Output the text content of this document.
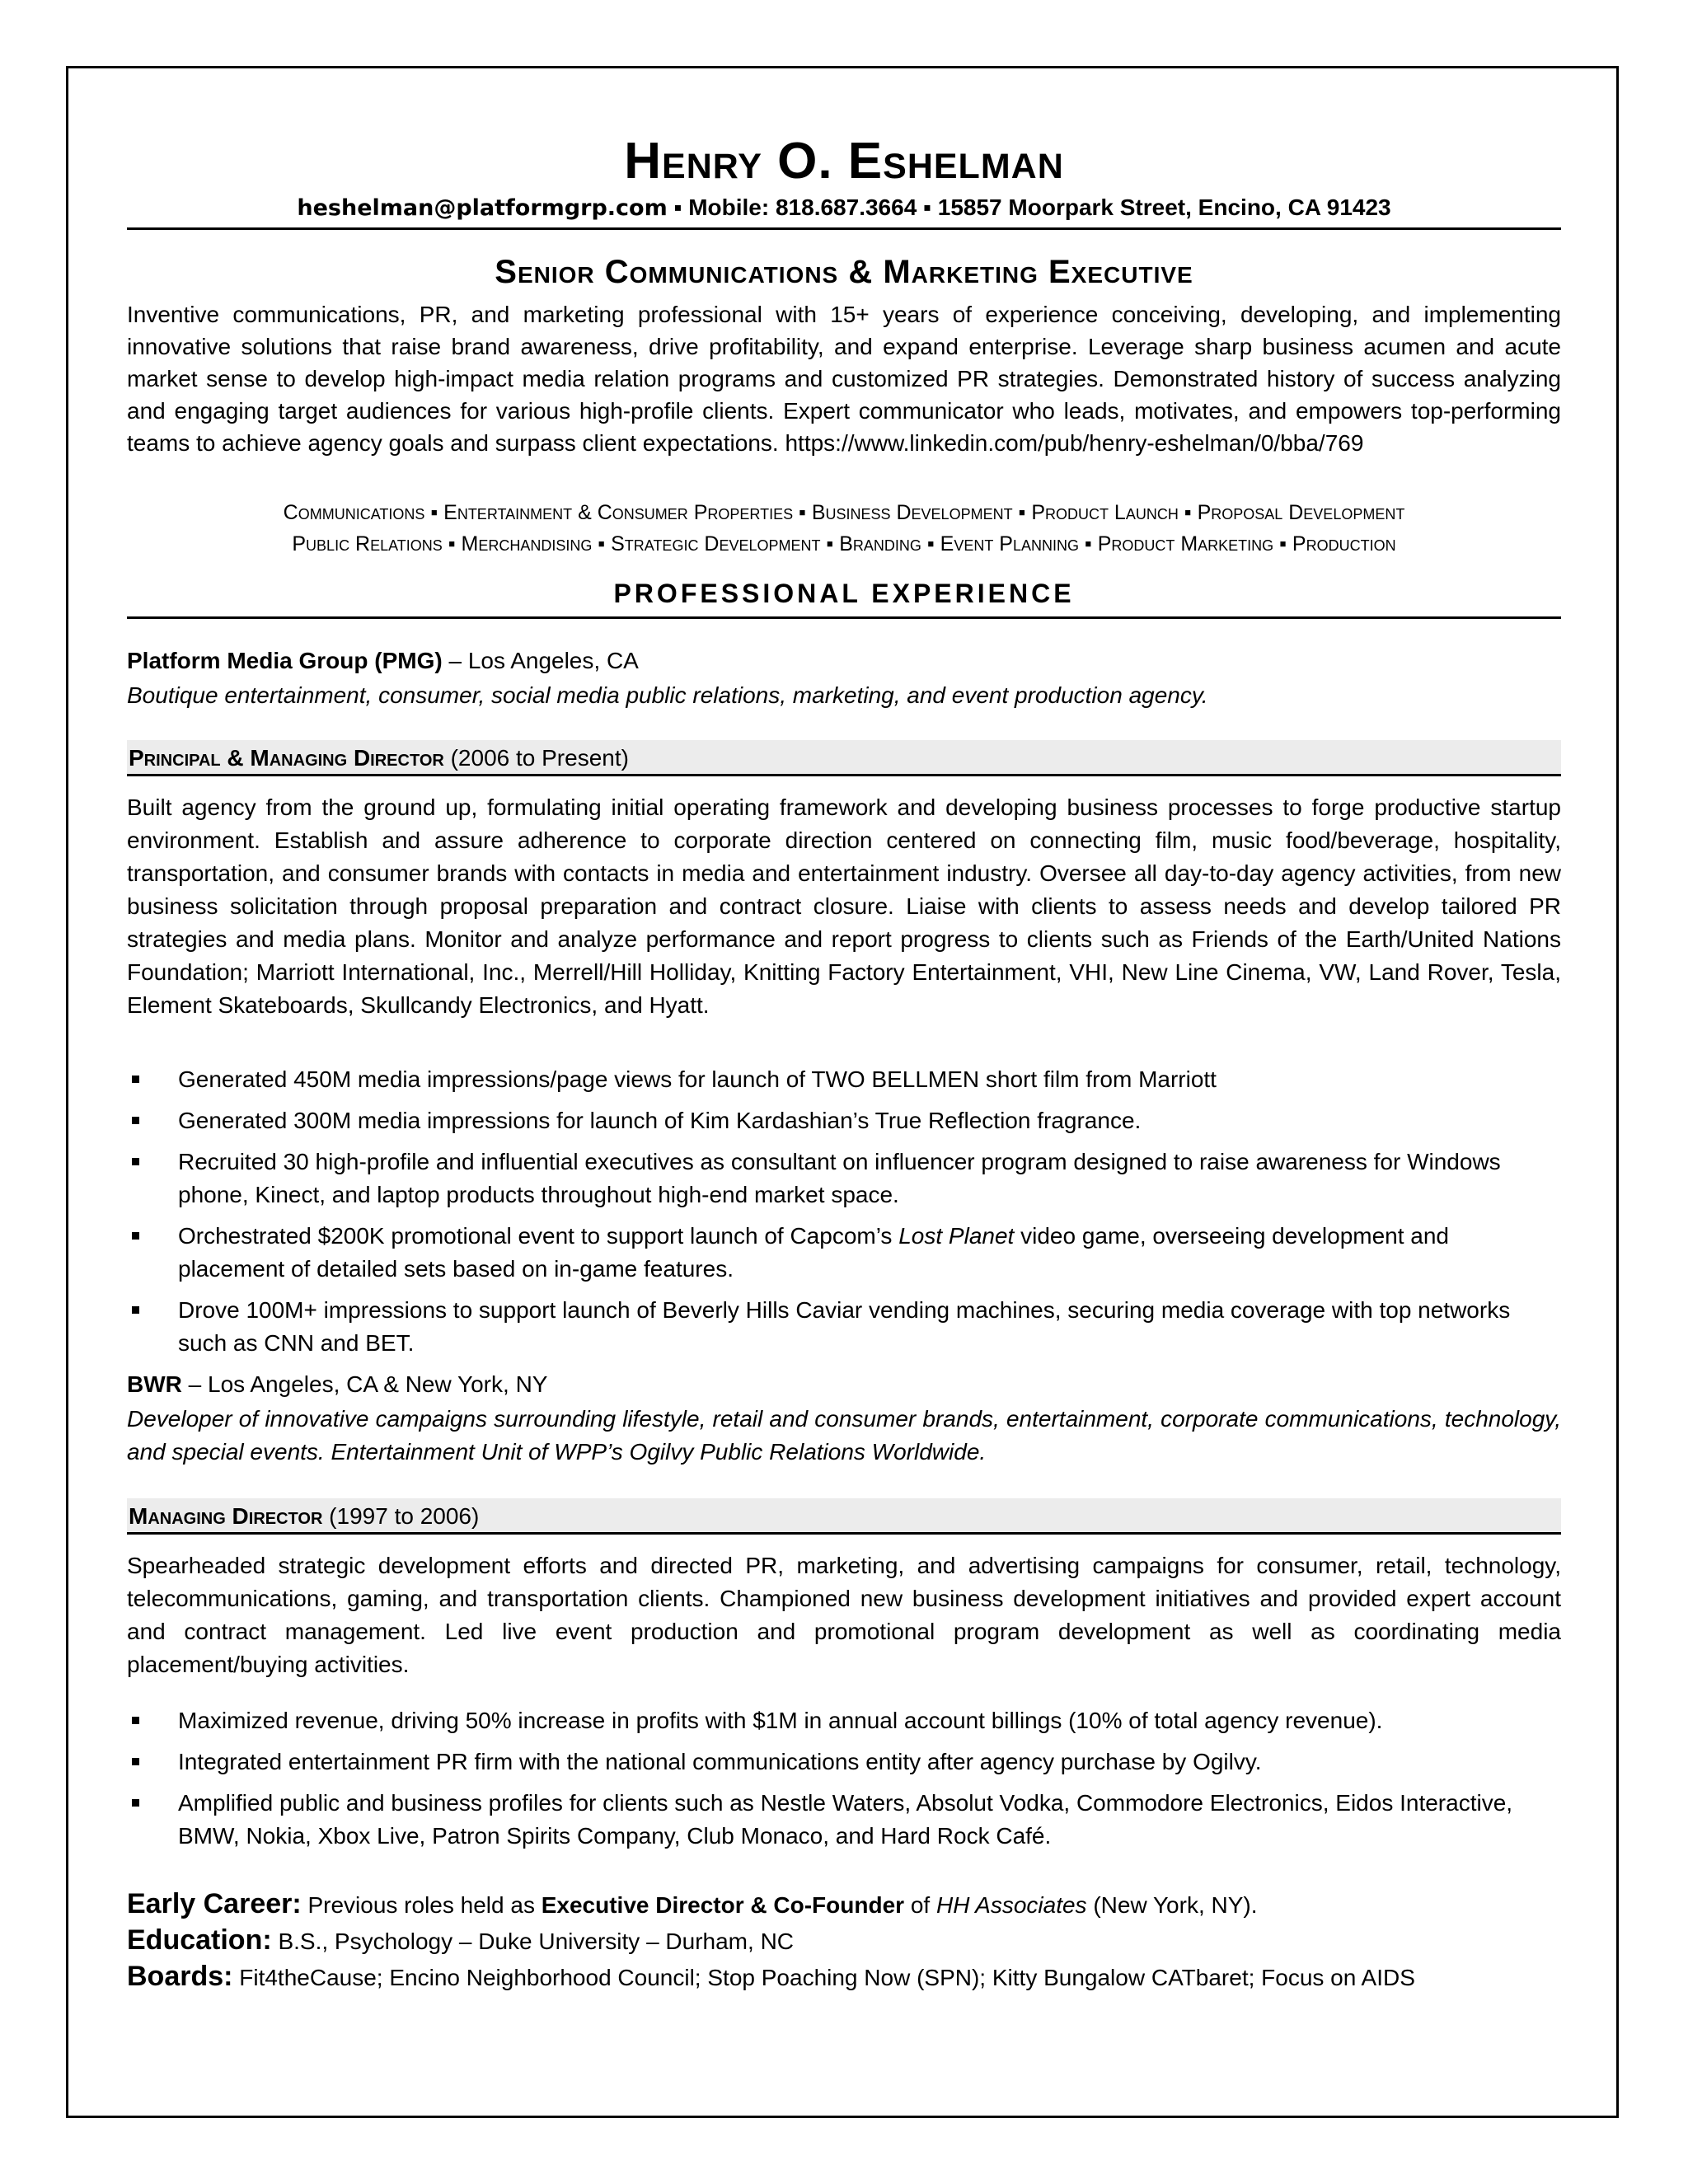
Henry O. Eshelman
heshelman@platformgrp.com ▪ Mobile: 818.687.3664 ▪ 15857 Moorpark Street, Encino, CA 91423
Senior Communications & Marketing Executive
Inventive communications, PR, and marketing professional with 15+ years of experience conceiving, developing, and implementing innovative solutions that raise brand awareness, drive profitability, and expand enterprise. Leverage sharp business acumen and acute market sense to develop high-impact media relation programs and customized PR strategies. Demonstrated history of success analyzing and engaging target audiences for various high-profile clients. Expert communicator who leads, motivates, and empowers top-performing teams to achieve agency goals and surpass client expectations. https://www.linkedin.com/pub/henry-eshelman/0/bba/769
Communications ▪ Entertainment & Consumer Properties ▪ Business Development ▪ Product Launch ▪ Proposal Development
Public Relations ▪ Merchandising ▪ Strategic Development ▪ Branding ▪ Event Planning ▪ Product Marketing ▪ Production
PROFESSIONAL EXPERIENCE
Platform Media Group (PMG) – Los Angeles, CA
Boutique entertainment, consumer, social media public relations, marketing, and event production agency.
Principal & Managing Director (2006 to Present)
Built agency from the ground up, formulating initial operating framework and developing business processes to forge productive startup environment. Establish and assure adherence to corporate direction centered on connecting film, music food/beverage, hospitality, transportation, and consumer brands with contacts in media and entertainment industry. Oversee all day-to-day agency activities, from new business solicitation through proposal preparation and contract closure. Liaise with clients to assess needs and develop tailored PR strategies and media plans. Monitor and analyze performance and report progress to clients such as Friends of the Earth/United Nations Foundation; Marriott International, Inc., Merrell/Hill Holliday, Knitting Factory Entertainment, VHI, New Line Cinema, VW, Land Rover, Tesla, Element Skateboards, Skullcandy Electronics, and Hyatt.
Generated 450M media impressions/page views for launch of TWO BELLMEN short film from Marriott
Generated 300M media impressions for launch of Kim Kardashian’s True Reflection fragrance.
Recruited 30 high-profile and influential executives as consultant on influencer program designed to raise awareness for Windows phone, Kinect, and laptop products throughout high-end market space.
Orchestrated $200K promotional event to support launch of Capcom’s Lost Planet video game, overseeing development and placement of detailed sets based on in-game features.
Drove 100M+ impressions to support launch of Beverly Hills Caviar vending machines, securing media coverage with top networks such as CNN and BET.
BWR – Los Angeles, CA & New York, NY
Developer of innovative campaigns surrounding lifestyle, retail and consumer brands, entertainment, corporate communications, technology, and special events. Entertainment Unit of WPP’s Ogilvy Public Relations Worldwide.
Managing Director (1997 to 2006)
Spearheaded strategic development efforts and directed PR, marketing, and advertising campaigns for consumer, retail, technology, telecommunications, gaming, and transportation clients. Championed new business development initiatives and provided expert account and contract management. Led live event production and promotional program development as well as coordinating media placement/buying activities.
Maximized revenue, driving 50% increase in profits with $1M in annual account billings (10% of total agency revenue).
Integrated entertainment PR firm with the national communications entity after agency purchase by Ogilvy.
Amplified public and business profiles for clients such as Nestle Waters, Absolut Vodka, Commodore Electronics, Eidos Interactive, BMW, Nokia, Xbox Live, Patron Spirits Company, Club Monaco, and Hard Rock Café.
Early Career: Previous roles held as Executive Director & Co-Founder of HH Associates (New York, NY).
Education: B.S., Psychology – Duke University – Durham, NC
Boards: Fit4theCause; Encino Neighborhood Council; Stop Poaching Now (SPN); Kitty Bungalow CATbaret; Focus on AIDS
